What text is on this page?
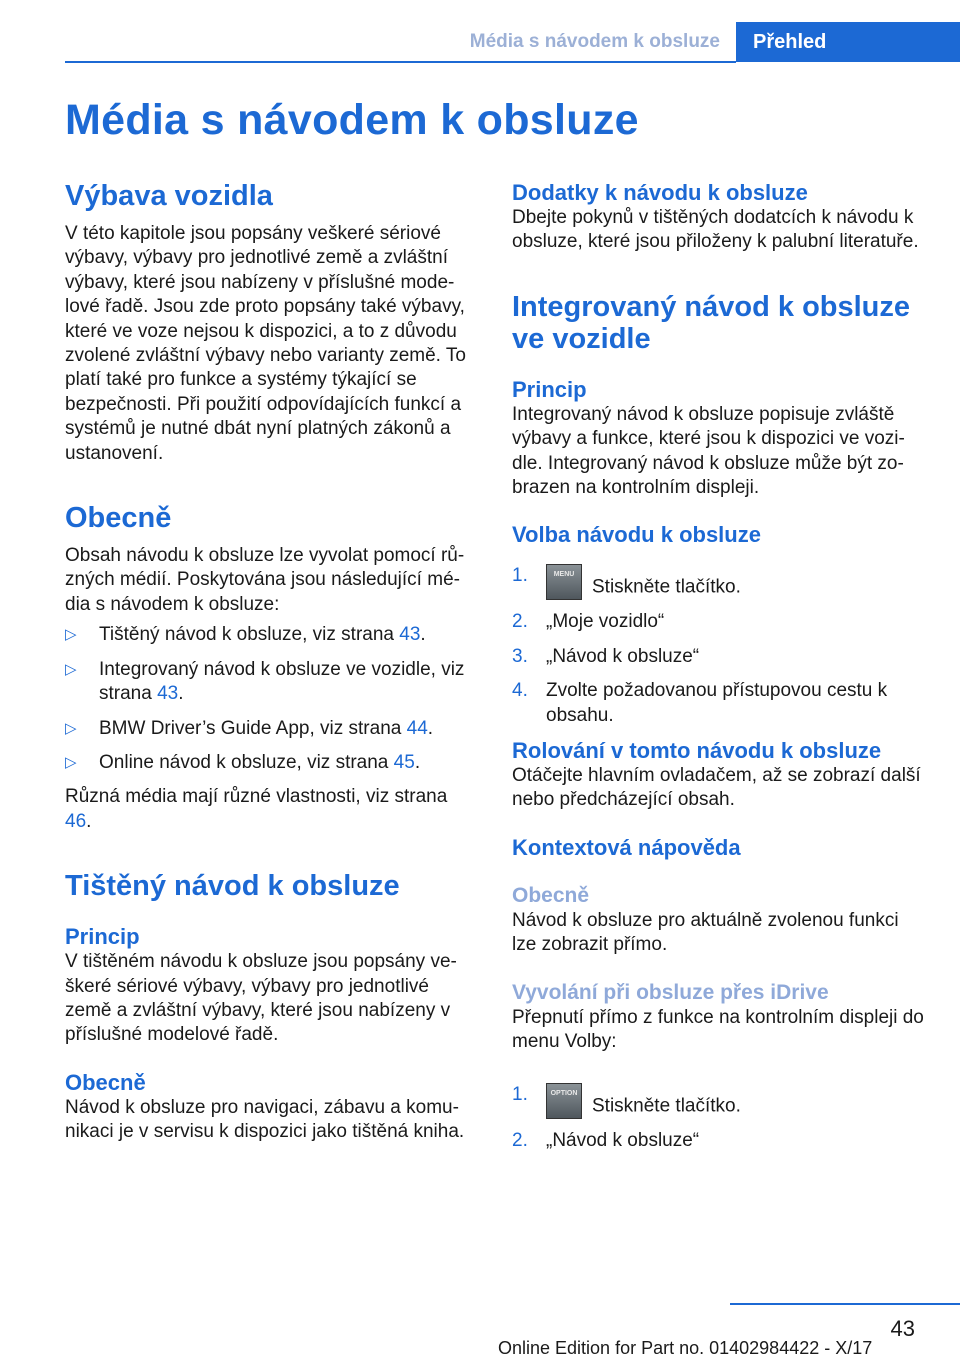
Média s návodem k obsluze	Přehled
Média s návodem k obsluze
Výbava vozidla

V této kapitole jsou popsány veškeré sériové výbavy, výbavy pro jednotlivé země a zvláštní výbavy, které jsou nabízeny v příslušné modelové řadě. Jsou zde proto popsány také výbavy, které ve voze nejsou k dispozici, a to z důvodu zvolené zvláštní výbavy nebo varianty země. To platí také pro funkce a systémy týkající se bezpečnosti. Při použití odpovídajících funkcí a systémů je nutné dbát nyní platných zákonů a ustanovení.

Obecně

Obsah návodu k obsluze lze vyvolat pomocí různých médií. Poskytována jsou následující média s návodem k obsluze:

▷ Tištěný návod k obsluze, viz strana 43.
▷ Integrovaný návod k obsluze ve vozidle, viz strana 43.
▷ BMW Driver’s Guide App, viz strana 44.
▷ Online návod k obsluze, viz strana 45.

Různá média mají různé vlastnosti, viz strana 46.

Tištěný návod k obsluze
Princip

V tištěném návodu k obsluze jsou popsány veškeré sériové výbavy, výbavy pro jednotlivé země a zvláštní výbavy, které jsou nabízeny v příslušné modelové řadě.

Obecně

Návod k obsluze pro navigaci, zábavu a komunikaci je v servisu k dispozici jako tištěná kniha.

Dodatky k návodu k obsluze

Dbejte pokynů v tištěných dodatcích k návodu k obsluze, které jsou přiloženy k palubní literatuře.

Integrovaný návod k obsluze ve vozidle
Princip

Integrovaný návod k obsluze popisuje zvláště výbavy a funkce, které jsou k dispozici ve vozidle. Integrovaný návod k obsluze může být zobrazen na kontrolním displeji.

Volba návodu k obsluze
1.	MENUStiskněte tlačítko.
2. „Moje vozidlo“
3. „Návod k obsluze“
4. Zvolte požadovanou přístupovou cestu k obsahu.
Rolování v tomto návodu k obsluze

Otáčejte hlavním ovladačem, až se zobrazí další nebo předcházející obsah.

Kontextová nápověda
Obecně

Návod k obsluze pro aktuálně zvolenou funkci lze zobrazit přímo.

Vyvolání při obsluze přes iDrive

Přepnutí přímo z funkce na kontrolním displeji do menu Volby:

1.	OPTIONStiskněte tlačítko.
2. „Návod k obsluze“
43
Online Edition for Part no. 01402984422 - X/17
